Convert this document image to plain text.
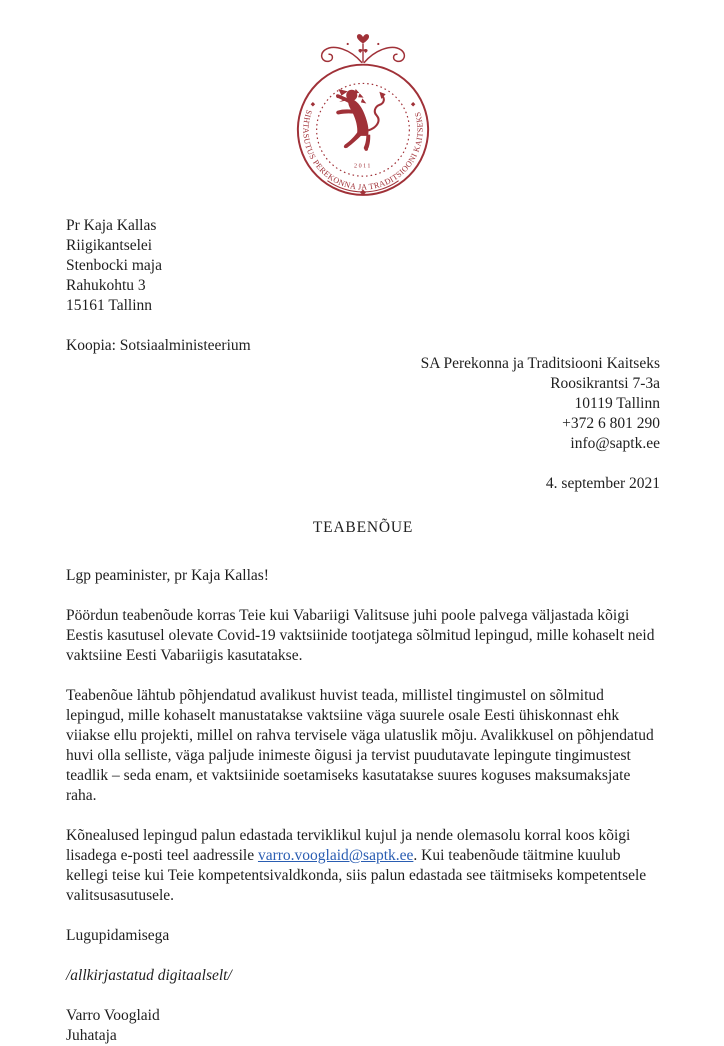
SIHTASUTUS PEREKONNA JA TRADITSIOONI KAITSEKS
2011
Pr Kaja Kallas
Riigikantselei
Stenbocki maja
Rahukohtu 3
15161 Tallinn
Koopia: Sotsiaalministeerium
SA Perekonna ja Traditsiooni Kaitseks
Roosikrantsi 7-3a
10119 Tallinn
+372 6 801 290
info@saptk.ee
4. september 2021
TEABENÕUE
Lgp peaminister, pr Kaja Kallas!

Pöördun teabenõude korras Teie kui Vabariigi Valitsuse juhi poole palvega väljastada kõigi Eestis kasutusel olevate Covid-19 vaktsiinide tootjatega sõlmitud lepingud, mille kohaselt neid vaktsiine Eesti Vabariigis kasutatakse.

Teabenõue lähtub põhjendatud avalikust huvist teada, millistel tingimustel on sõlmitud lepingud, mille kohaselt manustatakse vaktsiine väga suurele osale Eesti ühiskonnast ehk viiakse ellu projekti, millel on rahva tervisele väga ulatuslik mõju. Avalikkusel on põhjendatud huvi olla selliste, väga paljude inimeste õigusi ja tervist puudutavate lepingute tingimustest teadlik – seda enam, et vaktsiinide soetamiseks kasutatakse suures koguses maksumaksjate raha.

Kõnealused lepingud palun edastada terviklikul kujul ja nende olemasolu korral koos kõigi lisadega e-posti teel aadressile varro.vooglaid@saptk.ee. Kui teabenõude täitmine kuulub kellegi teise kui Teie kompetentsivaldkonda, siis palun edastada see täitmiseks kompetentsele valitsusasutusele.

Lugupidamisega
/allkirjastatud digitaalselt/
Varro Vooglaid
Juhataja
